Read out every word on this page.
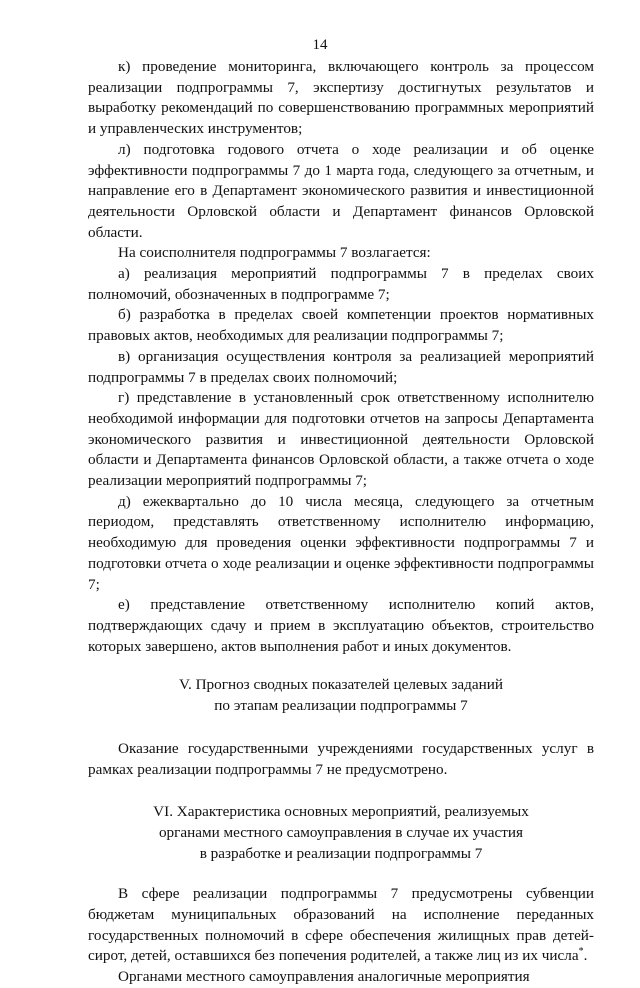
14

к) проведение мониторинга, включающего контроль за процессом реализации подпрограммы 7, экспертизу достигнутых результатов и выработку рекомендаций по совершенствованию программных мероприятий и управленческих инструментов;

л) подготовка годового отчета о ходе реализации и об оценке эффективности подпрограммы 7 до 1 марта года, следующего за отчетным, и направление его в Департамент экономического развития и инвестиционной деятельности Орловской области и Департамент финансов Орловской области.

На соисполнителя подпрограммы 7 возлагается:

а) реализация мероприятий подпрограммы 7 в пределах своих полномочий, обозначенных в подпрограмме 7;

б) разработка в пределах своей компетенции проектов нормативных правовых актов, необходимых для реализации подпрограммы 7;

в) организация осуществления контроля за реализацией мероприятий подпрограммы 7 в пределах своих полномочий;

г) представление в установленный срок ответственному исполнителю необходимой информации для подготовки отчетов на запросы Департамента экономического развития и инвестиционной деятельности Орловской области и Департамента финансов Орловской области, а также отчета о ходе реализации мероприятий подпрограммы 7;

д) ежеквартально до 10 числа месяца, следующего за отчетным периодом, представлять ответственному исполнителю информацию, необходимую для проведения оценки эффективности подпрограммы 7 и подготовки отчета о ходе реализации и оценке эффективности подпрограммы 7;

е) представление ответственному исполнителю копий актов, подтверждающих сдачу и прием в эксплуатацию объектов, строительство которых завершено, актов выполнения работ и иных документов.

V. Прогноз сводных показателей целевых заданий
по этапам реализации подпрограммы 7

Оказание государственными учреждениями государственных услуг в рамках реализации подпрограммы 7 не предусмотрено.

VI. Характеристика основных мероприятий, реализуемых
органами местного самоуправления в случае их участия
в разработке и реализации подпрограммы 7

В сфере реализации подпрограммы 7 предусмотрены субвенции бюджетам муниципальных образований на исполнение переданных государственных полномочий в сфере обеспечения жилищных прав детей-сирот, детей, оставшихся без попечения родителей, а также лиц из их числа*.

Органами местного самоуправления аналогичные мероприятия
